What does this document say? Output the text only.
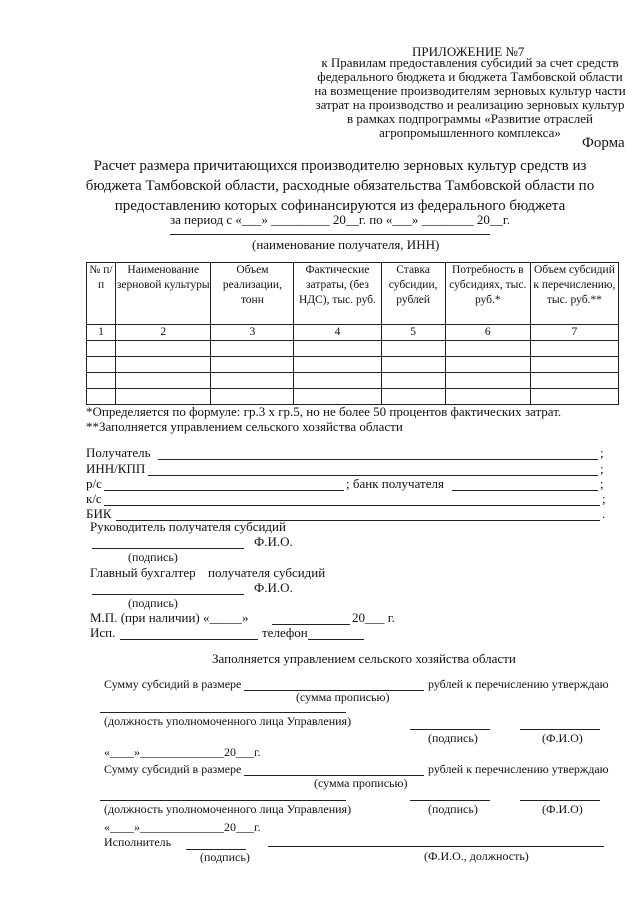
ПРИЛОЖЕНИЕ №7
к Правилам предоставления субсидий за счет средств
федерального бюджета и бюджета Тамбовской области
на возмещение производителям зерновых культур части
затрат на производство и реализацию зерновых культур
в рамках подпрограммы «Развитие отраслей
агропромышленного комплекса»
Форма
Расчет размера причитающихся производителю зерновых культур средств из
бюджета Тамбовской области, расходные обязательства Тамбовской области по
предоставлению которых софинансируются из федерального бюджета
за период с «___» _________ 20__г. по «___» ________ 20__г.
(наименование получателя, ИНН)
№ п/п	Наименование зерновой культуры	Объем реализации, тонн	Фактические затраты, (без НДС), тыс. руб.	Ставка субсидии, рублей	Потребность в субсидиях, тыс. руб.*	Объем субсидий к перечислению, тыс. руб.**
1	2	3	4	5	6	7

*Определяется по формуле: гр.3 х гр.5, но не более 50 процентов фактических затрат.
**Заполняется управлением сельского хозяйства области
Получатель	;
ИНН/КПП	;
р/с	; банк получателя	;
к/с	;
БИК	.
Руководитель получателя субсидий
Ф.И.О.
(подпись)
Главный бухгалтер получателя субсидий
Ф.И.О.
(подпись)
М.П. (при наличии) «_____»	20___ г.
Исп.	телефон
Заполняется управлением сельского хозяйства области
Сумму субсидий в размере	рублей к перечислению утверждаю
(сумма прописью)
(должность уполномоченного лица Управления)
(подпись)	(Ф.И.О)
«____»______________20___г.
Сумму субсидий в размере	рублей к перечислению утверждаю
(сумма прописью)
(должность уполномоченного лица Управления)	(подпись)	(Ф.И.О)
«____»______________20___г.
Исполнитель
(подпись)	(Ф.И.О., должность)
